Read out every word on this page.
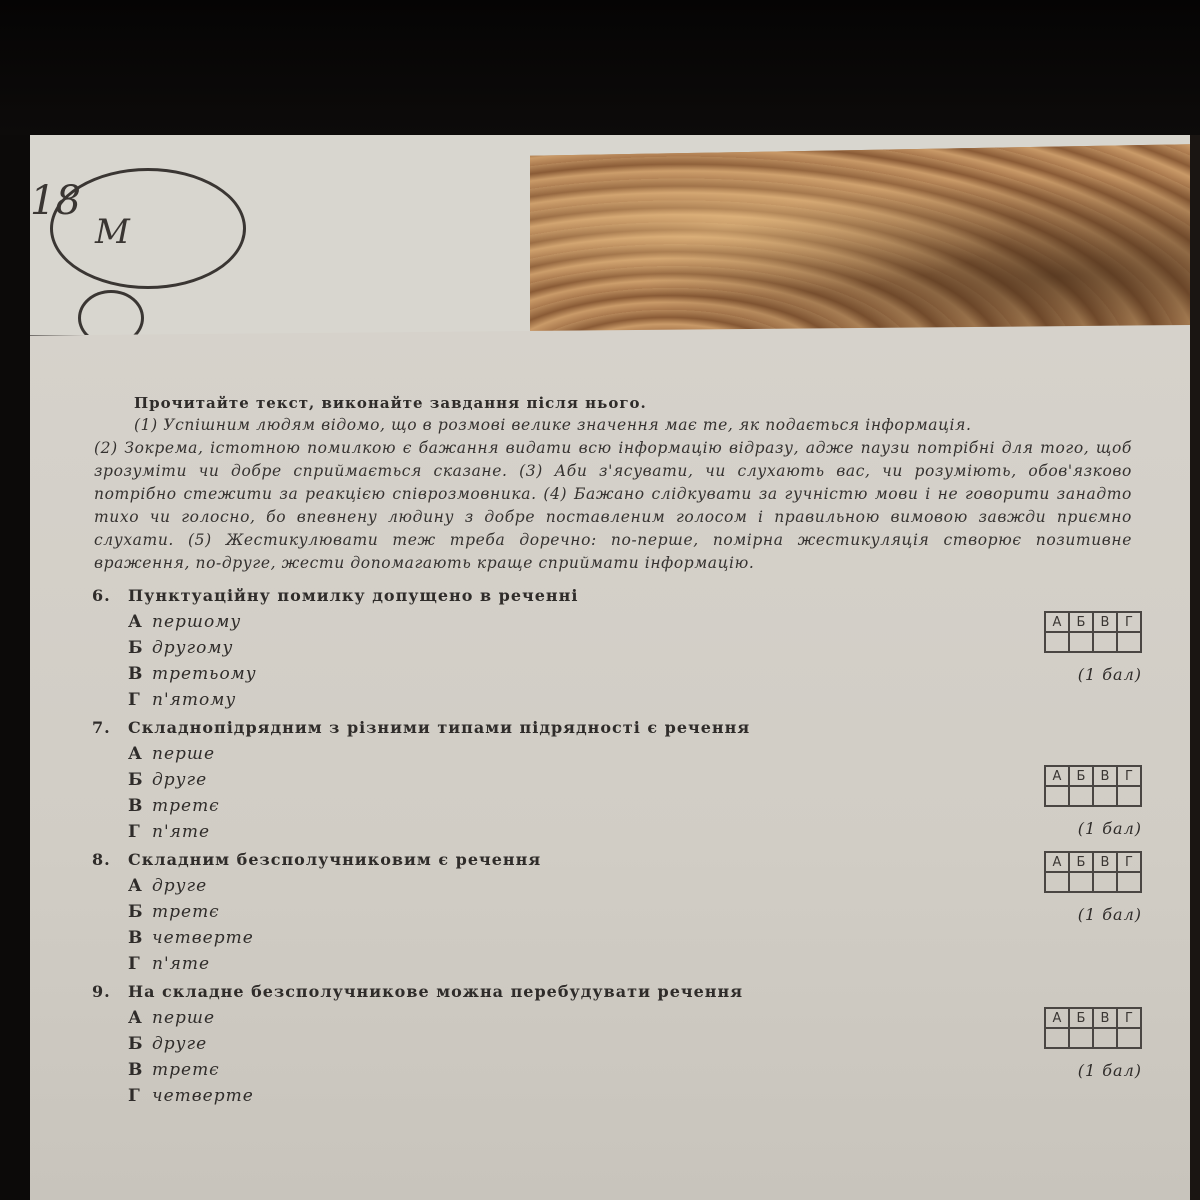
18
М
Прочитайте текст, виконайте завдання після нього.
(1) Успішним людям відомо, що в розмові велике значення має те, як подається інформація.
(2) Зокрема, істотною помилкою є бажання видати всю інформацію відразу, адже паузи потрібні для того, щоб зрозуміти чи добре сприймається сказане. (3) Аби з'ясувати, чи слухають вас, чи розуміють, обов'язково потрібно стежити за реакцією співрозмовника. (4) Бажано слідкувати за гучністю мови і не говорити занадто тихо чи голосно, бо впевнену людину з добре поставленим голосом і правильною вимовою завжди приємно слухати. (5) Жестикулювати теж треба доречно: по-перше, помірна жестикуляція створює позитивне враження, по-друге, жести допомагають краще сприймати інформацію.
6. Пунктуаційну помилку допущено в реченні
А першому
Б другому
В третьому
Г п'ятому
А	Б	В	Г

(1 бал)
7. Складнопідрядним з різними типами підрядності є речення
А перше
Б друге
В третє
Г п'яте
А	Б	В	Г

(1 бал)
8. Складним безсполучниковим є речення
А друге
Б третє
В четверте
Г п'яте
А	Б	В	Г

(1 бал)
9. На складне безсполучникове можна перебудувати речення
А перше
Б друге
В третє
Г четверте
А	Б	В	Г

(1 бал)
